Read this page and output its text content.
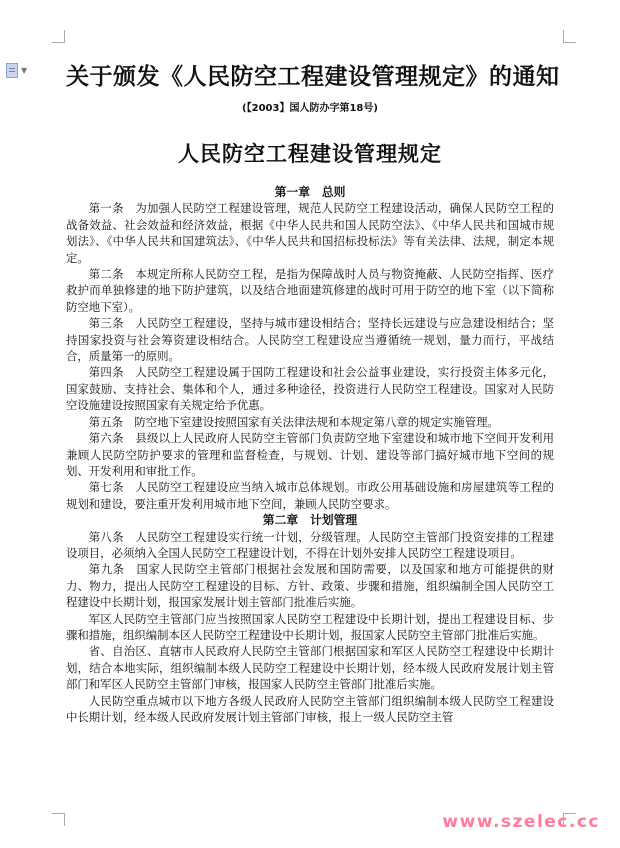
▼ 关于颁发《人民防空工程建设管理规定》的通知
(【2003】国人防办字第18号)
人民防空工程建设管理规定
第一章　总则

第一条　为加强人民防空工程建设管理，规范人民防空工程建设活动，确保人民防空工程的战备效益、社会效益和经济效益，根据《中华人民共和国人民防空法》、《中华人民共和国城市规划法》、《中华人民共和国建筑法》、《中华人民共和国招标投标法》等有关法律、法规，制定本规定。

第二条　本规定所称人民防空工程，是指为保障战时人员与物资掩蔽、人民防空指挥、医疗救护而单独修建的地下防护建筑，以及结合地面建筑修建的战时可用于防空的地下室（以下简称防空地下室）。

第三条　人民防空工程建设，坚持与城市建设相结合；坚持长远建设与应急建设相结合；坚持国家投资与社会筹资建设相结合。人民防空工程建设应当遵循统一规划，量力而行，平战结合，质量第一的原则。

第四条　人民防空工程建设属于国防工程建设和社会公益事业建设，实行投资主体多元化，国家鼓励、支持社会、集体和个人，通过多种途径，投资进行人民防空工程建设。国家对人民防空设施建设按照国家有关规定给予优惠。

第五条　防空地下室建设按照国家有关法律法规和本规定第八章的规定实施管理。

第六条　县级以上人民政府人民防空主管部门负责防空地下室建设和城市地下空间开发利用兼顾人民防空防护要求的管理和监督检查，与规划、计划、建设等部门搞好城市地下空间的规划、开发利用和审批工作。

第七条　人民防空工程建设应当纳入城市总体规划。市政公用基础设施和房屋建筑等工程的规划和建设，要注重开发利用城市地下空间，兼顾人民防空要求。

第二章　计划管理

第八条　人民防空工程建设实行统一计划，分级管理。人民防空主管部门投资安排的工程建设项目，必须纳入全国人民防空工程建设计划，不得在计划外安排人民防空工程建设项目。

第九条　国家人民防空主管部门根据社会发展和国防需要，以及国家和地方可能提供的财力、物力，提出人民防空工程建设的目标、方针、政策、步骤和措施，组织编制全国人民防空工程建设中长期计划，报国家发展计划主管部门批准后实施。

军区人民防空主管部门应当按照国家人民防空工程建设中长期计划，提出工程建设目标、步骤和措施，组织编制本区人民防空工程建设中长期计划，报国家人民防空主管部门批准后实施。

省、自治区、直辖市人民政府人民防空主管部门根据国家和军区人民防空工程建设中长期计划，结合本地实际，组织编制本级人民防空工程建设中长期计划，经本级人民政府发展计划主管部门和军区人民防空主管部门审核，报国家人民防空主管部门批准后实施。

人民防空重点城市以下地方各级人民政府人民防空主管部门组织编制本级人民防空工程建设中长期计划，经本级人民政府发展计划主管部门审核，报上一级人民防空主管

www.szelec.cc
